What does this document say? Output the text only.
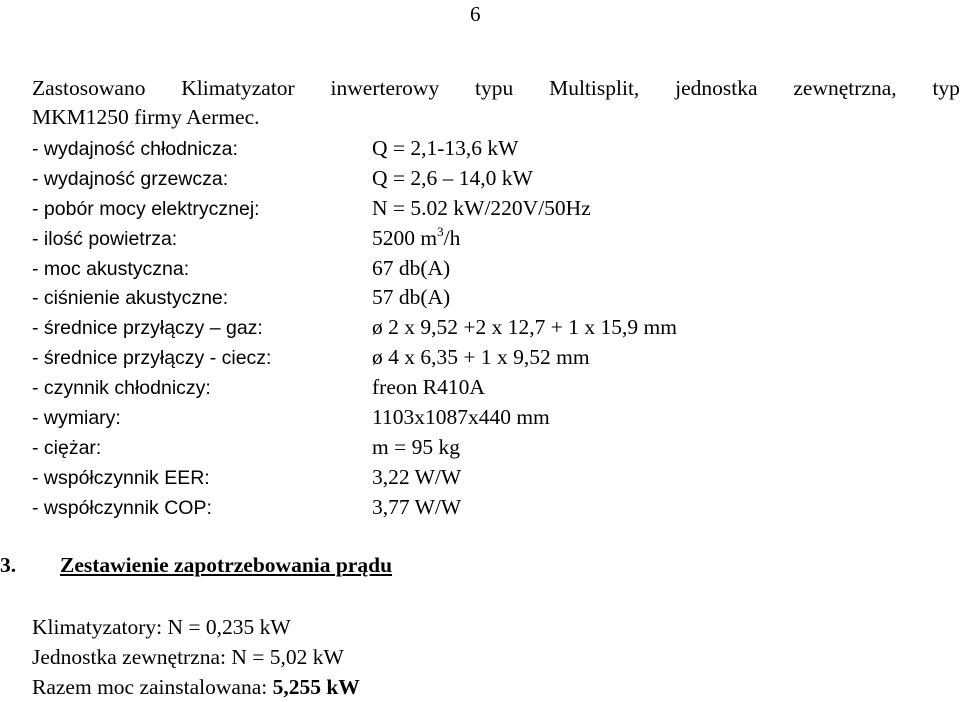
6
Zastosowano Klimatyzator inwerterowy typu Multisplit, jednostka zewnętrzna, typ
MKM1250 firmy Aermec.
- wydajność chłodnicza:	Q = 2,1-13,6 kW
- wydajność grzewcza:	Q = 2,6 – 14,0 kW
- pobór mocy elektrycznej:	N = 5.02 kW/220V/50Hz
- ilość powietrza:	5200 $m^3/h$
- moc akustyczna:	67 db(A)
- ciśnienie akustyczne:	57 db(A)
- średnice przyłączy – gaz:	ø 2 x 9,52 +2 x 12,7 + 1 x 15,9 mm
- średnice przyłączy - ciecz:	ø 4 x 6,35 + 1 x 9,52 mm
- czynnik chłodniczy:	freon R410A
- wymiary:	1103x1087x440 mm
- ciężar:	m = 95 kg
- współczynnik EER:	3,22 W/W
- współczynnik COP:	3,77 W/W
3. Zestawienie zapotrzebowania prądu
Klimatyzatory: N = 0,235 kW
Jednostka zewnętrzna: N = 5,02 kW
Razem moc zainstalowana: 5,255 kW
